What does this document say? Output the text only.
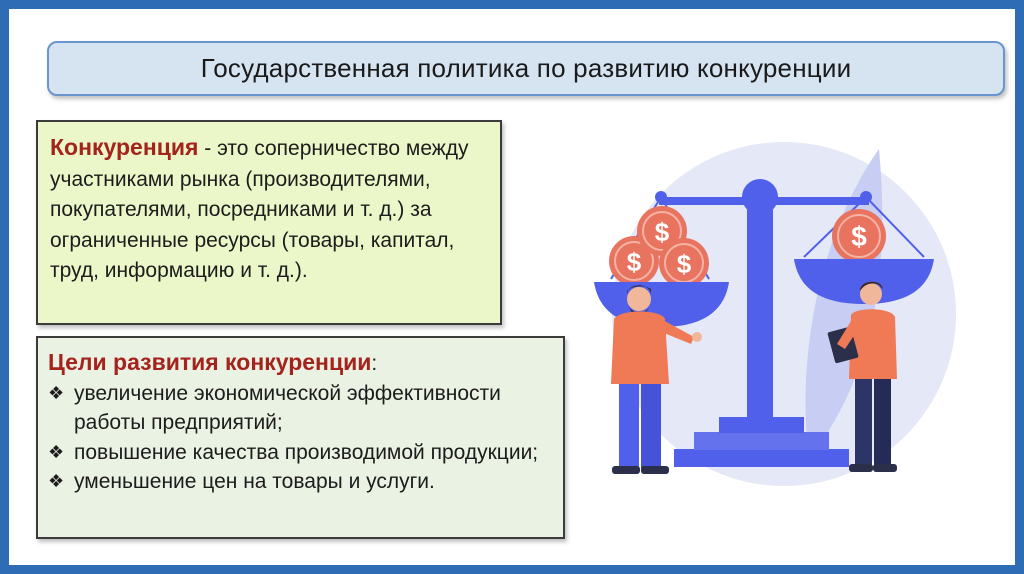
Государственная политика по развитию конкуренции
Конкуренция - это соперничество между участниками рынка (производителями, покупателями, посредниками и т. д.) за ограниченные ресурсы (товары, капитал, труд, информацию и т. д.).
Цели развития конкуренции:
❖ увеличение экономической эффективности работы предприятий;
❖ повышение качества производимой продукции;
❖ уменьшение цен на товары и услуги.
$
$
$
$
